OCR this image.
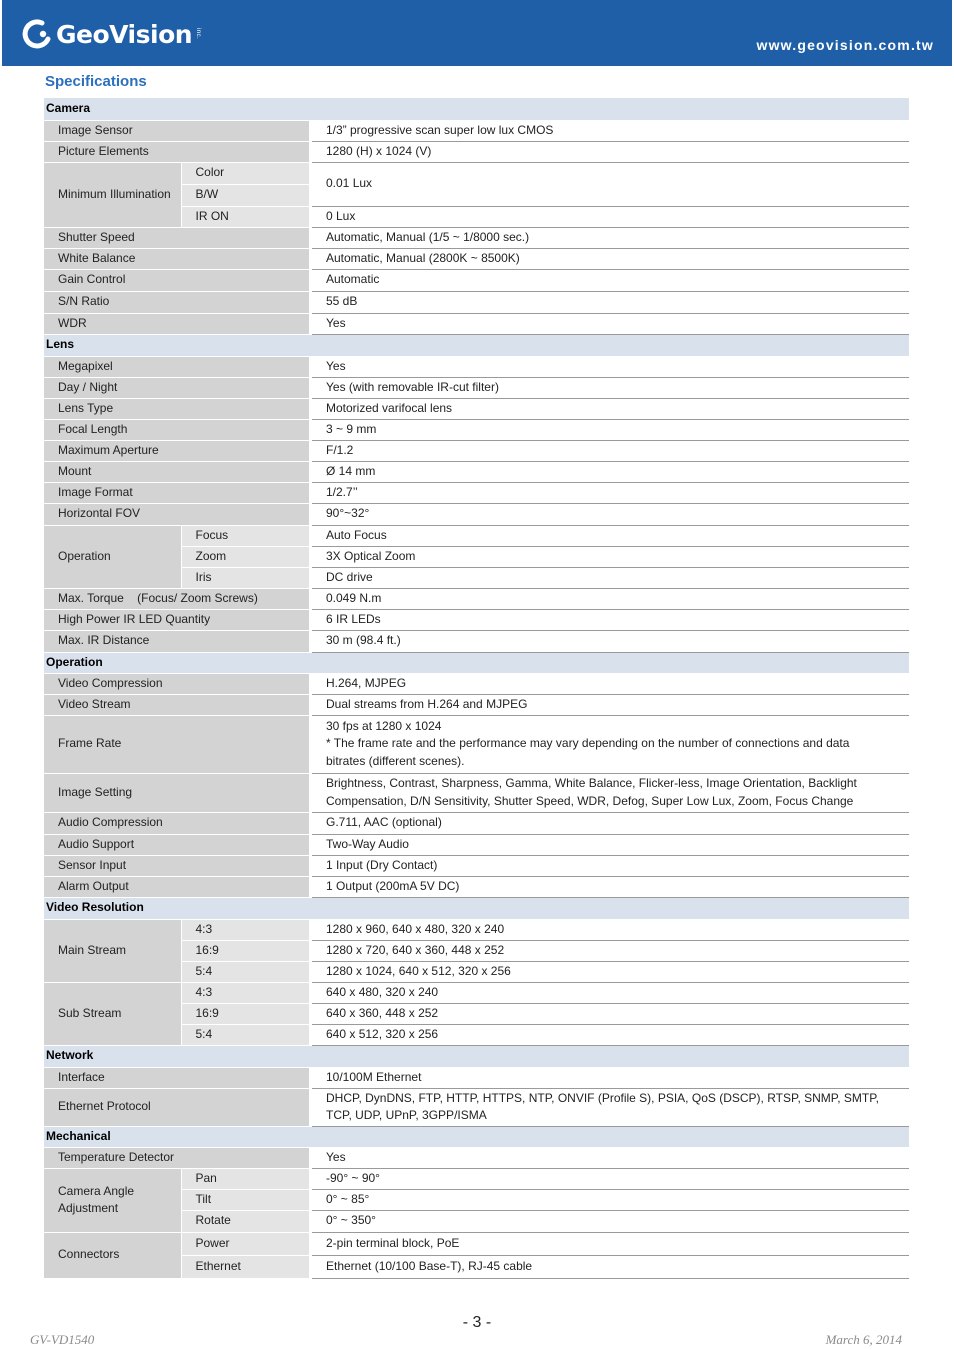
GeoVision inc.
www.geovision.com.tw
Specifications
Camera			
Image Sensor			1/3” progressive scan super low lux CMOS
Picture Elements			1280 (H) x 1024 (V)
Minimum Illumination	Color		0.01 Lux
	B/W		
	IR ON		0 Lux
Shutter Speed			Automatic, Manual (1/5 ~ 1/8000 sec.)
White Balance			Automatic, Manual (2800K ~ 8500K)
Gain Control			Automatic
S/N Ratio			55 dB
WDR			Yes
Lens			
Megapixel			Yes
Day / Night			Yes (with removable IR-cut filter)
Lens Type			Motorized varifocal lens
Focal Length			3 ~ 9 mm
Maximum Aperture			F/1.2
Mount			Ø 14 mm
Image Format			1/2.7’’
Horizontal FOV			90°~32°
Operation	Focus		Auto Focus
	Zoom		3X Optical Zoom
	Iris		DC drive
Max. Torque    (Focus/ Zoom Screws)			0.049 N.m
High Power IR LED Quantity			6 IR LEDs
Max. IR Distance			30 m (98.4 ft.)
Operation			
Video Compression			H.264, MJPEG
Video Stream			Dual streams from H.264 and MJPEG
Frame Rate			30 fps at 1280 x 1024
* The frame rate and the performance may vary depending on the number of connections and data bitrates (different scenes).

Image Setting			Brightness, Contrast, Sharpness, Gamma, White Balance, Flicker-less, Image Orientation, Backlight Compensation, D/N Sensitivity, Shutter Speed, WDR, Defog, Super Low Lux, Zoom, Focus Change
Audio Compression			G.711, AAC (optional)
Audio Support			Two-Way Audio
Sensor Input			1 Input (Dry Contact)
Alarm Output			1 Output (200mA 5V DC)
Video Resolution			
Main Stream	4:3		1280 x 960, 640 x 480, 320 x 240
	16:9		1280 x 720, 640 x 360, 448 x 252
	5:4		1280 x 1024, 640 x 512, 320 x 256
Sub Stream	4:3		640 x 480, 320 x 240
	16:9		640 x 360, 448 x 252
	5:4		640 x 512, 320 x 256
Network			
Interface			10/100M Ethernet
Ethernet Protocol			DHCP, DynDNS, FTP, HTTP, HTTPS, NTP, ONVIF (Profile S), PSIA, QoS (DSCP), RTSP, SNMP, SMTP, TCP, UDP, UPnP, 3GPP/ISMA
Mechanical			
Temperature Detector			Yes
Camera Angle Adjustment	Pan		-90° ~ 90°
	Tilt		0° ~ 85°
	Rotate		0° ~ 350°
Connectors	Power		2-pin terminal block, PoE
	Ethernet		Ethernet (10/100 Base-T), RJ-45 cable
- 3 -
GV-VD1540	March 6, 2014
